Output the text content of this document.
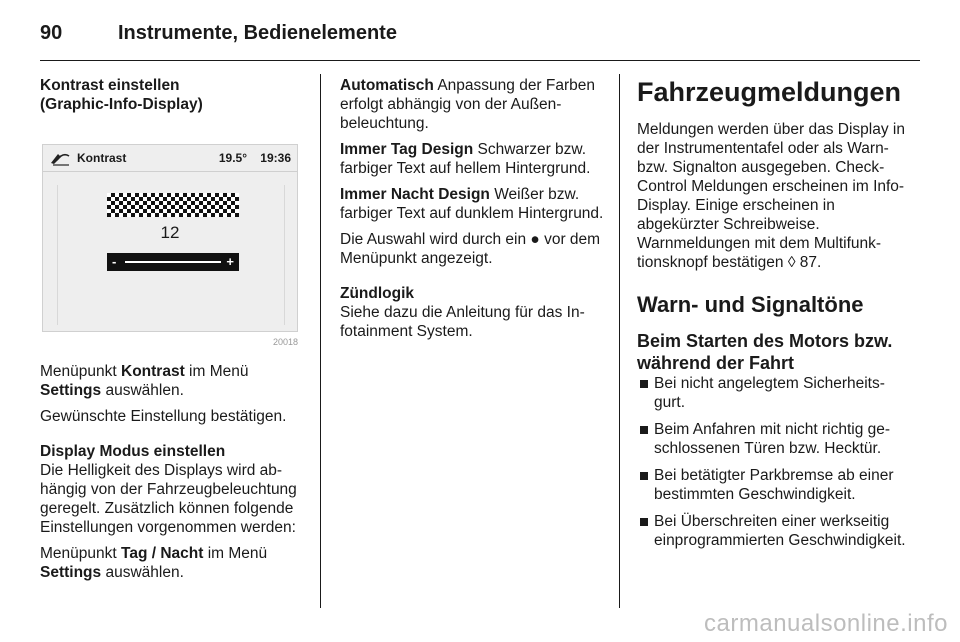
90	Instrumente, Bedienelemente
Kontrast einstellen
(Graphic-Info-Display)
Kontrast	19.5° 19:36
12
-	+
20018

Menüpunkt Kontrast im Menü Settings auswählen.

Gewünschte Einstellung bestätigen.

Display Modus einstellen

Die Helligkeit des Displays wird abhängig von der Fahrzeugbeleuchtung geregelt. Zusätzlich können folgende Einstellungen vorgenommen werden:

Menüpunkt Tag / Nacht im Menü Settings auswählen.

Automatisch Anpassung der Farben erfolgt abhängig von der Außenbeleuchtung.

Immer Tag Design Schwarzer bzw. farbiger Text auf hellem Hintergrund.

Immer Nacht Design Weißer bzw. farbiger Text auf dunklem Hintergrund.

Die Auswahl wird durch ein ● vor dem Menüpunkt angezeigt.

Zündlogik

Siehe dazu die Anleitung für das Infotainment System.

Fahrzeugmeldungen

Meldungen werden über das Display in der Instrumententafel oder als Warn- bzw. Signalton ausgegeben. Check-Control Meldungen erscheinen im Info-Display. Einige erscheinen in abgekürzter Schreibweise. Warnmeldungen mit dem Multifunktionsknopf bestätigen ◊ 87.

Warn- und Signaltöne
Beim Starten des Motors bzw. während der Fahrt
Bei nicht angelegtem Sicherheitsgurt.
Beim Anfahren mit nicht richtig geschlossenen Türen bzw. Hecktür.
Bei betätigter Parkbremse ab einer bestimmten Geschwindigkeit.
Bei Überschreiten einer werkseitig einprogrammierten Geschwindigkeit.
carmanualsonline.info
